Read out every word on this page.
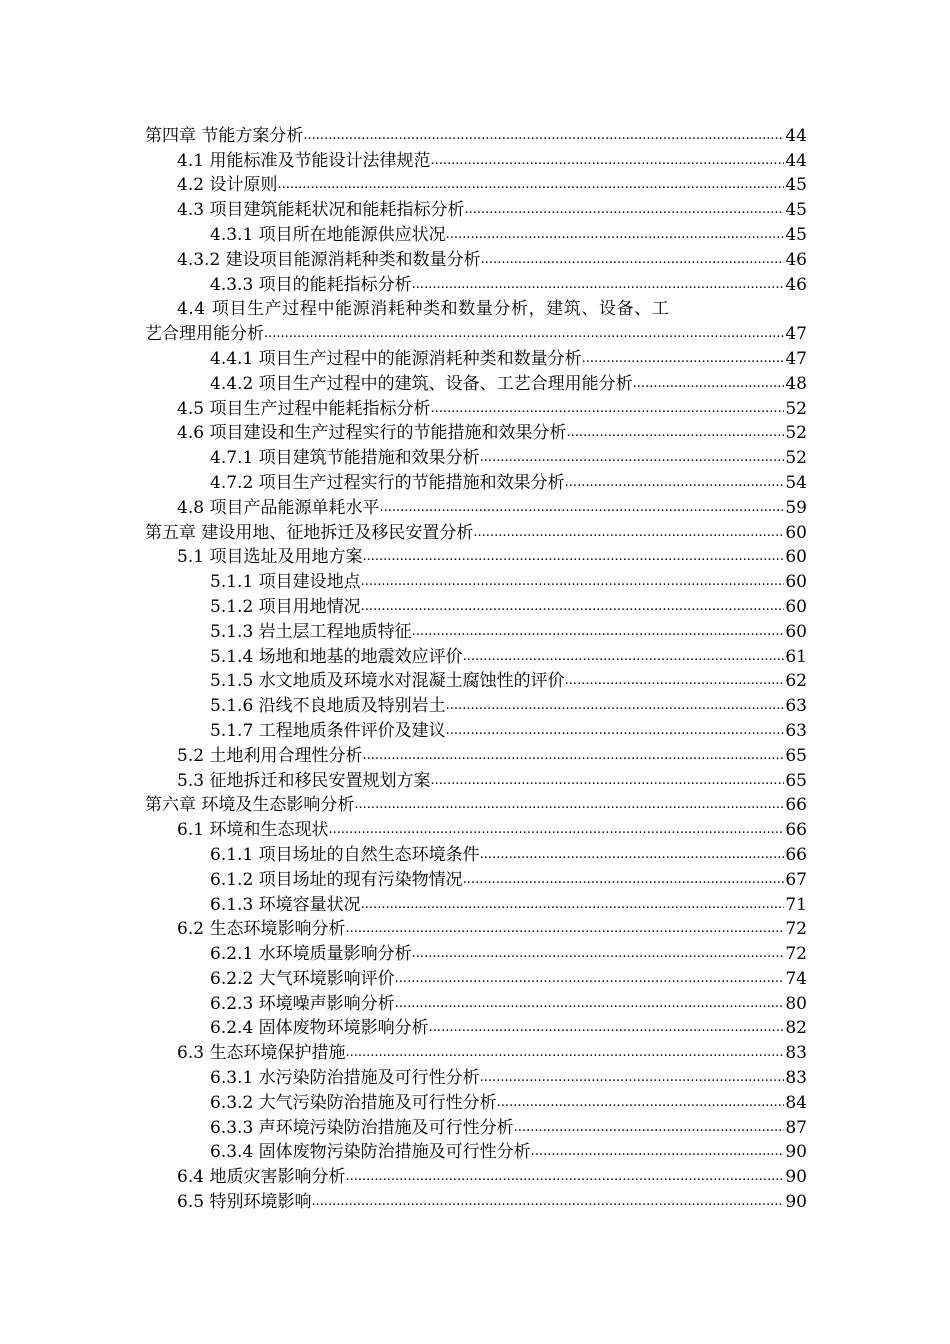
第四章 节能方案分析 .....	44
4.1 用能标准及节能设计法律规范 .....	44
4.2 设计原则 .....	45
4.3 项目建筑能耗状况和能耗指标分析 .....	45
4.3.1 项目所在地能源供应状况 .....	45
4.3.2 建设项目能源消耗种类和数量分析 .....	46
4.3.3 项目的能耗指标分析 .....	46
4.4 项目生产过程中能源消耗种类和数量分析，建筑、设备、工
艺合理用能分析 .....	47
4.4.1 项目生产过程中的能源消耗种类和数量分析 .....	47
4.4.2 项目生产过程中的建筑、设备、工艺合理用能分析 .....	48
4.5 项目生产过程中能耗指标分析 .....	52
4.6 项目建设和生产过程实行的节能措施和效果分析 .....	52
4.7.1 项目建筑节能措施和效果分析 .....	52
4.7.2 项目生产过程实行的节能措施和效果分析 .....	54
4.8 项目产品能源单耗水平 .....	59
第五章 建设用地、征地拆迁及移民安置分析 .....	60
5.1 项目选址及用地方案 .....	60
5.1.1 项目建设地点 .....	60
5.1.2 项目用地情况 .....	60
5.1.3 岩土层工程地质特征 .....	60
5.1.4 场地和地基的地震效应评价 .....	61
5.1.5 水文地质及环境水对混凝土腐蚀性的评价 .....	62
5.1.6 沿线不良地质及特别岩土 .....	63
5.1.7 工程地质条件评价及建议 .....	63
5.2 土地利用合理性分析 .....	65
5.3 征地拆迁和移民安置规划方案 .....	65
第六章 环境及生态影响分析 .....	66
6.1 环境和生态现状 .....	66
6.1.1 项目场址的自然生态环境条件 .....	66
6.1.2 项目场址的现有污染物情况 .....	67
6.1.3 环境容量状况 .....	71
6.2 生态环境影响分析 .....	72
6.2.1 水环境质量影响分析 .....	72
6.2.2 大气环境影响评价 .....	74
6.2.3 环境噪声影响分析 .....	80
6.2.4 固体废物环境影响分析 .....	82
6.3 生态环境保护措施 .....	83
6.3.1 水污染防治措施及可行性分析 .....	83
6.3.2 大气污染防治措施及可行性分析 .....	84
6.3.3 声环境污染防治措施及可行性分析 .....	87
6.3.4 固体废物污染防治措施及可行性分析 .....	90
6.4 地质灾害影响分析 .....	90
6.5 特别环境影响 .....	90
